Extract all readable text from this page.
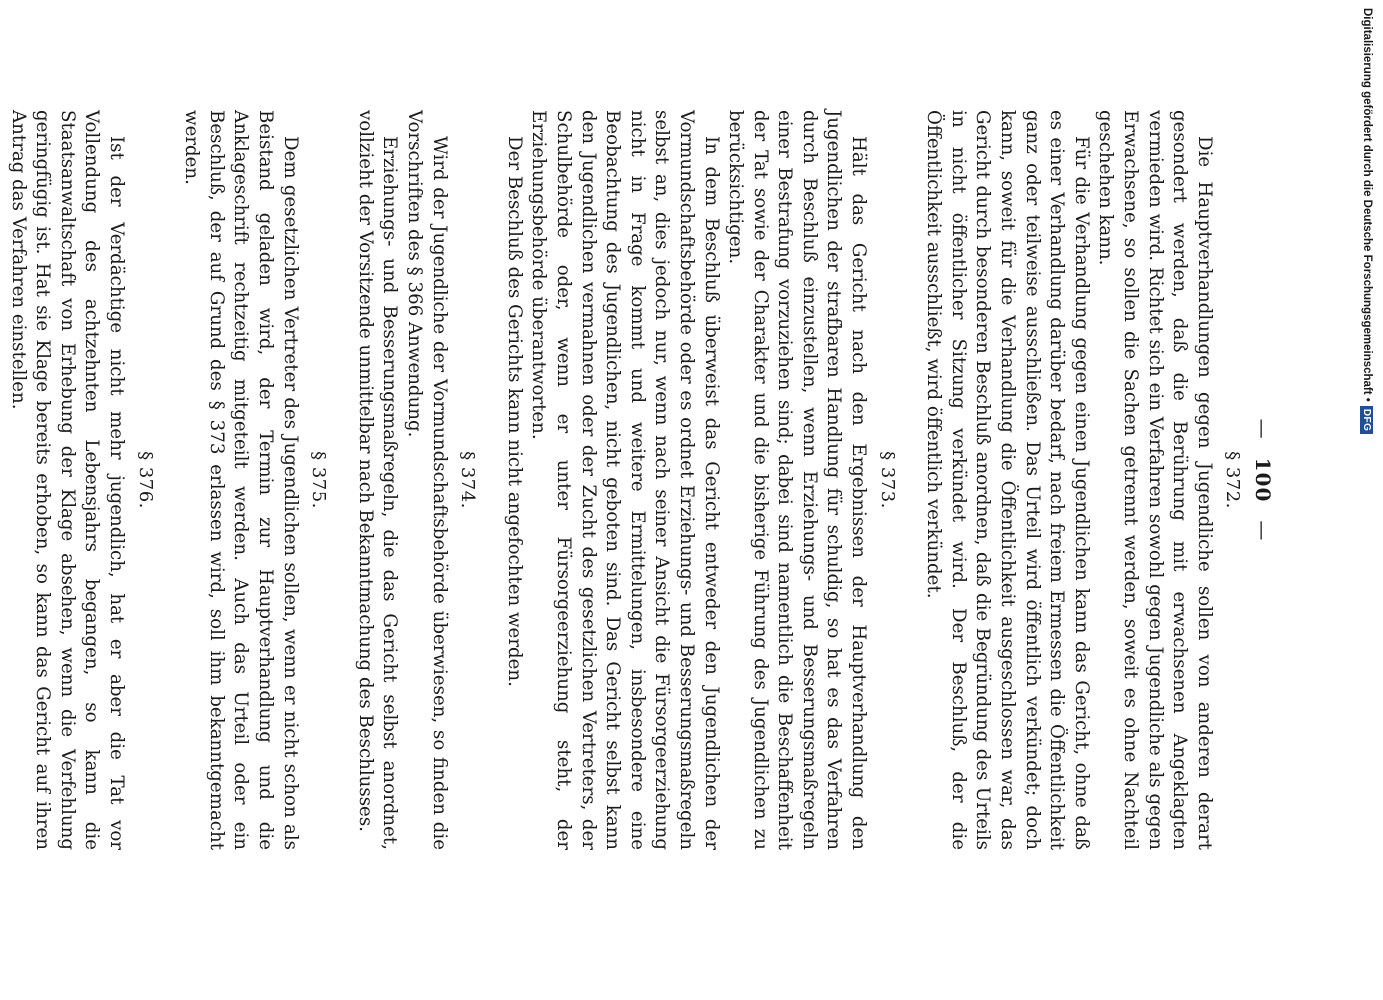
— 100 —
§ 372.

Die Hauptverhandlungen gegen Jugendliche sollen von anderen derart gesondert werden, daß die Berührung mit erwachsenen Angeklagten vermieden wird. Richtet sich ein Verfahren sowohl gegen Jugendliche als gegen Erwachsene, so sollen die Sachen getrennt werden, soweit es ohne Nachteil geschehen kann.

Für die Verhandlung gegen einen Jugendlichen kann das Gericht, ohne daß es einer Verhandlung darüber bedarf, nach freiem Ermessen die Öffentlichkeit ganz oder teilweise ausschließen. Das Urteil wird öffentlich verkündet; doch kann, soweit für die Verhandlung die Öffentlichkeit ausgeschlossen war, das Gericht durch besonderen Beschluß anordnen, daß die Begründung des Urteils in nicht öffentlicher Sitzung verkündet wird. Der Beschluß, der die Öffentlichkeit ausschließt, wird öffentlich verkündet.

§ 373.

Hält das Gericht nach den Ergebnissen der Hauptverhandlung den Jugendlichen der strafbaren Handlung für schuldig, so hat es das Verfahren durch Beschluß einzustellen, wenn Erziehungs- und Besserungsmaßregeln einer Bestrafung vorzuziehen sind; dabei sind namentlich die Beschaffenheit der Tat sowie der Charakter und die bisherige Führung des Jugendlichen zu berücksichtigen.

In dem Beschluß überweist das Gericht entweder den Jugendlichen der Vormundschaftsbehörde oder es ordnet Erziehungs- und Besserungsmaßregeln selbst an, dies jedoch nur, wenn nach seiner Ansicht die Fürsorgeerziehung nicht in Frage kommt und weitere Ermittelungen, insbesondere eine Beobachtung des Jugendlichen, nicht geboten sind. Das Gericht selbst kann den Jugendlichen vermahnen oder der Zucht des gesetzlichen Vertreters, der Schulbehörde oder, wenn er unter Fürsorgeerziehung steht, der Erziehungsbehörde überantworten.

Der Beschluß des Gerichts kann nicht angefochten werden.

§ 374.

Wird der Jugendliche der Vormundschaftsbehörde überwiesen, so finden die Vorschriften des § 366 Anwendung.

Erziehungs- und Besserungsmaßregeln, die das Gericht selbst anordnet, vollzieht der Vorsitzende unmittelbar nach Bekanntmachung des Beschlusses.

§ 375.

Dem gesetzlichen Vertreter des Jugendlichen sollen, wenn er nicht schon als Beistand geladen wird, der Termin zur Hauptverhandlung und die Anklageschrift rechtzeitig mitgeteilt werden. Auch das Urteil oder ein Beschluß, der auf Grund des § 373 erlassen wird, soll ihm bekanntgemacht werden.

§ 376.

Ist der Verdächtige nicht mehr jugendlich, hat er aber die Tat vor Vollendung des achtzehnten Lebensjahrs begangen, so kann die Staatsanwaltschaft von Erhebung der Klage absehen, wenn die Verfehlung geringfügig ist. Hat sie Klage bereits erhoben, so kann das Gericht auf ihren Antrag das Verfahren einstellen.

DFG
Digitalisierung gefördert durch die Deutsche Forschungsgemeinschaft •
